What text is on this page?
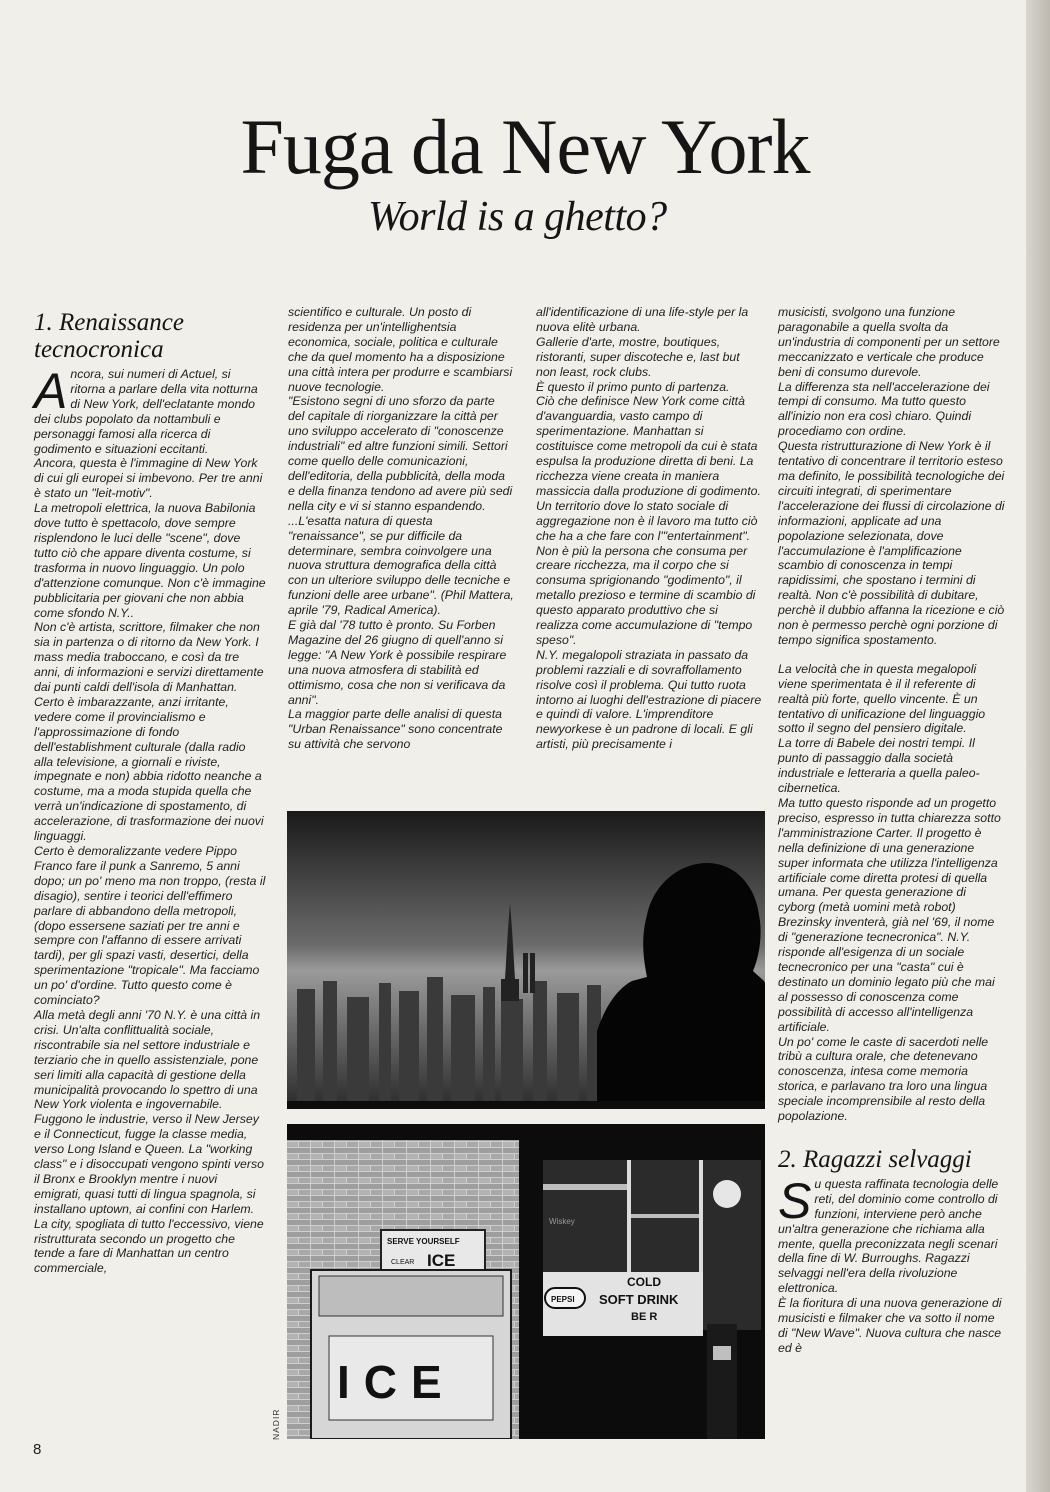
Fuga da New York
World is a ghetto?
1. Renaissance tecnocronica
A ncora, sui numeri di Actuel, si ritorna a parlare della vita notturna di New York, dell'eclatante mondo dei clubs popolato da nottambuli e personaggi famosi alla ricerca di godimento e situazioni eccitanti.

Ancora, questa è l'immagine di New York di cui gli europei si imbevono. Per tre anni è stato un "leit-motiv".

La metropoli elettrica, la nuova Babilonia dove tutto è spettacolo, dove sempre risplendono le luci delle "scene", dove tutto ciò che appare diventa costume, si trasforma in nuovo linguaggio. Un polo d'attenzione comunque. Non c'è immagine pubblicitaria per giovani che non abbia come sfondo N.Y..

Non c'è artista, scrittore, filmaker che non sia in partenza o di ritorno da New York. I mass media traboccano, e così da tre anni, di informazioni e servizi direttamente dai punti caldi dell'isola di Manhattan.

Certo è imbarazzante, anzi irritante, vedere come il provincialismo e l'approssimazione di fondo dell'establishment culturale (dalla radio alla televisione, a giornali e riviste, impegnate e non) abbia ridotto neanche a costume, ma a moda stupida quella che verrà un'indicazione di spostamento, di accelerazione, di trasformazione dei nuovi linguaggi.

Certo è demoralizzante vedere Pippo Franco fare il punk a Sanremo, 5 anni dopo; un po' meno ma non troppo, (resta il disagio), sentire i teorici dell'effimero parlare di abbandono della metropoli, (dopo essersene saziati per tre anni e sempre con l'affanno di essere arrivati tardi), per gli spazi vasti, desertici, della sperimentazione "tropicale". Ma facciamo un po' d'ordine. Tutto questo come è cominciato?

Alla metà degli anni '70 N.Y. è una città in crisi. Un'alta conflittualità sociale, riscontrabile sia nel settore industriale e terziario che in quello assistenziale, pone seri limiti alla capacità di gestione della municipalità provocando lo spettro di una New York violenta e ingovernabile. Fuggono le industrie, verso il New Jersey e il Connecticut, fugge la classe media, verso Long Island e Queen. La "working class" e i disoccupati vengono spinti verso il Bronx e Brooklyn mentre i nuovi emigrati, quasi tutti di lingua spagnola, si installano uptown, ai confini con Harlem.

La city, spogliata di tutto l'eccessivo, viene ristrutturata secondo un progetto che tende a fare di Manhattan un centro commerciale,

scientifico e culturale. Un posto di residenza per un'intellighentsia economica, sociale, politica e culturale che da quel momento ha a disposizione una città intera per produrre e scambiarsi nuove tecnologie.

"Esistono segni di uno sforzo da parte del capitale di riorganizzare la città per uno sviluppo accelerato di "conoscenze industriali" ed altre funzioni simili. Settori come quello delle comunicazioni, dell'editoria, della pubblicità, della moda e della finanza tendono ad avere più sedi nella city e vi si stanno espandendo.

...L'esatta natura di questa "renaissance", se pur difficile da determinare, sembra coinvolgere una nuova struttura demografica della città con un ulteriore sviluppo delle tecniche e funzioni delle aree urbane". (Phil Mattera, aprile '79, Radical America).

E già dal '78 tutto è pronto. Su Forben Magazine del 26 giugno di quell'anno si legge: "A New York è possibile respirare una nuova atmosfera di stabilità ed ottimismo, cosa che non si verificava da anni".

La maggior parte delle analisi di questa "Urban Renaissance" sono concentrate su attività che servono

all'identificazione di una life-style per la nuova elitè urbana.

Gallerie d'arte, mostre, boutiques, ristoranti, super discoteche e, last but non least, rock clubs.

È questo il primo punto di partenza.

Ciò che definisce New York come città d'avanguardia, vasto campo di sperimentazione. Manhattan si costituisce come metropoli da cui è stata espulsa la produzione diretta di beni. La ricchezza viene creata in maniera massiccia dalla produzione di godimento. Un territorio dove lo stato sociale di aggregazione non è il lavoro ma tutto ciò che ha a che fare con l'"entertainment".

Non è più la persona che consuma per creare ricchezza, ma il corpo che si consuma sprigionando "godimento", il metallo prezioso e termine di scambio di questo apparato produttivo che si realizza come accumulazione di "tempo speso".

N.Y. megalopoli straziata in passato da problemi razziali e di sovraffollamento risolve così il problema. Qui tutto ruota intorno ai luoghi dell'estrazione di piacere e quindi di valore. L'imprenditore newyorkese è un padrone di locali. E gli artisti, più precisamente i

musicisti, svolgono una funzione paragonabile a quella svolta da un'industria di componenti per un settore meccanizzato e verticale che produce beni di consumo durevole.

La differenza sta nell'accelerazione dei tempi di consumo. Ma tutto questo all'inizio non era così chiaro. Quindi procediamo con ordine.

Questa ristrutturazione di New York è il tentativo di concentrare il territorio esteso ma definito, le possibilità tecnologiche dei circuiti integrati, di sperimentare l'accelerazione dei flussi di circolazione di informazioni, applicate ad una popolazione selezionata, dove l'accumulazione è l'amplificazione scambio di conoscenza in tempi rapidissimi, che spostano i termini di realtà. Non c'è possibilità di dubitare, perchè il dubbio affanna la ricezione e ciò non è permesso perchè ogni porzione di tempo significa spostamento.

La velocità che in questa megalopoli viene sperimentata è il il referente di realtà più forte, quello vincente. È un tentativo di unificazione del linguaggio sotto il segno del pensiero digitale.

La torre di Babele dei nostri tempi. Il punto di passaggio dalla società industriale e letteraria a quella paleo-cibernetica.

Ma tutto questo risponde ad un progetto preciso, espresso in tutta chiarezza sotto l'amministrazione Carter. Il progetto è nella definizione di una generazione super informata che utilizza l'intelligenza artificiale come diretta protesi di quella umana. Per questa generazione di cyborg (metà uomini metà robot) Brezinsky inventerà, già nel '69, il nome di "generazione tecnecronica". N.Y. risponde all'esigenza di un sociale tecnecronico per una "casta" cui è destinato un dominio legato più che mai al possesso di conoscenza come possibilità di accesso all'intelligenza artificiale.

Un po' come le caste di sacerdoti nelle tribù a cultura orale, che detenevano conoscenza, intesa come memoria storica, e parlavano tra loro una lingua speciale incomprensibile al resto della popolazione.

2. Ragazzi selvaggi
S u questa raffinata tecnologia delle reti, del dominio come controllo di funzioni, interviene però anche un'altra generazione che richiama alla mente, quella preconizzata negli scenari della fine di W. Burroughs. Ragazzi selvaggi nell'era della rivoluzione elettronica.

È la fioritura di una nuova generazione di musicisti e filmaker che va sotto il nome di "New Wave". Nuova cultura che nasce ed è

Wiskey
PEPSI
COLD
SOFT DRINK
BE R
SERVE YOURSELF
CLEAR ICE
ICE
NADIR
8
